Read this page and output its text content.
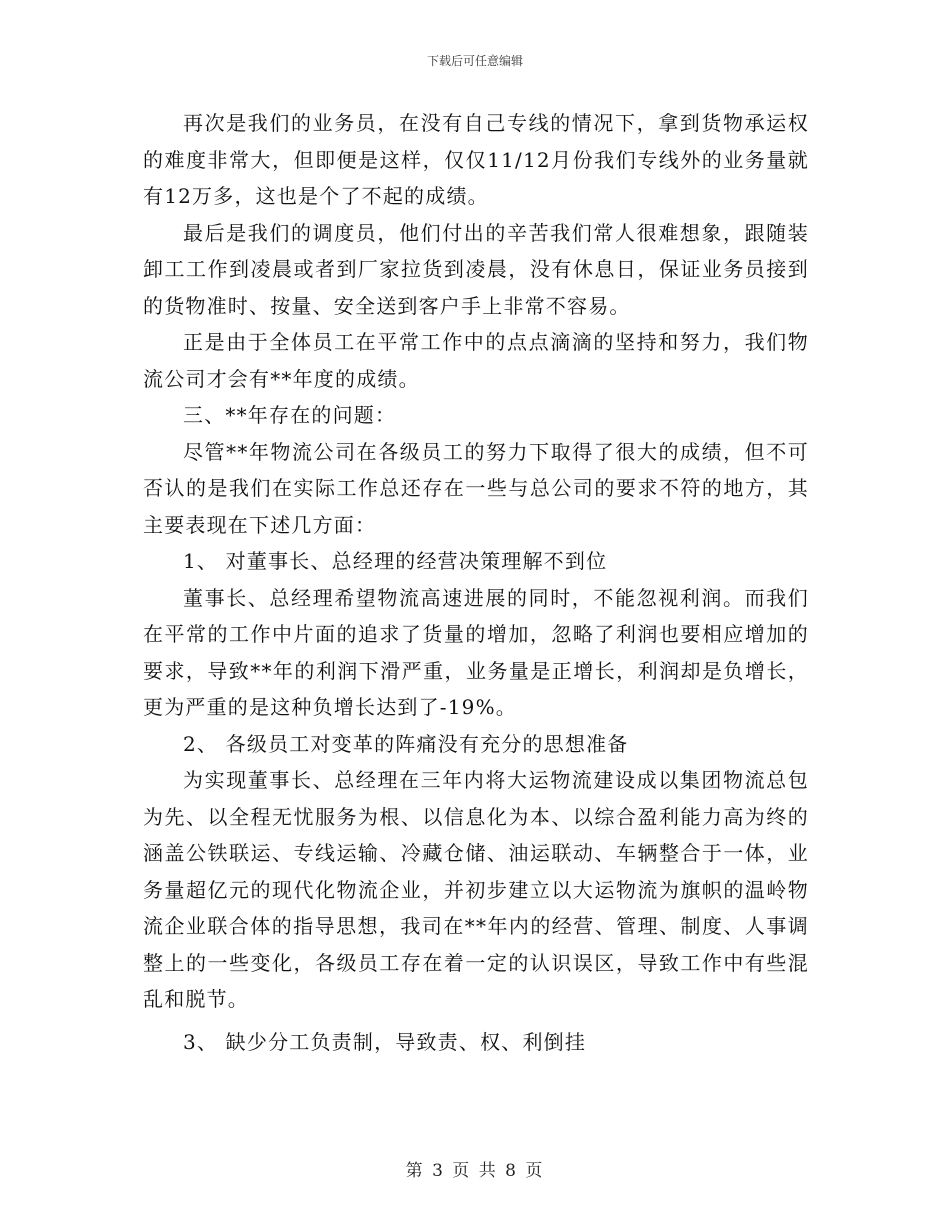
下载后可任意编辑

再次是我们的业务员，在没有自己专线的情况下，拿到货物承运权的难度非常大，但即便是这样，仅仅11/12月份我们专线外的业务量就有12万多，这也是个了不起的成绩。

最后是我们的调度员，他们付出的辛苦我们常人很难想象，跟随装卸工工作到凌晨或者到厂家拉货到凌晨，没有休息日，保证业务员接到的货物准时、按量、安全送到客户手上非常不容易。

正是由于全体员工在平常工作中的点点滴滴的坚持和努力，我们物流公司才会有**年度的成绩。

三、**年存在的问题：

尽管**年物流公司在各级员工的努力下取得了很大的成绩，但不可否认的是我们在实际工作总还存在一些与总公司的要求不符的地方，其主要表现在下述几方面：

1、 对董事长、总经理的经营决策理解不到位

董事长、总经理希望物流高速进展的同时，不能忽视利润。而我们在平常的工作中片面的追求了货量的增加，忽略了利润也要相应增加的要求，导致**年的利润下滑严重，业务量是正增长，利润却是负增长，更为严重的是这种负增长达到了-19%。

2、 各级员工对变革的阵痛没有充分的思想准备

为实现董事长、总经理在三年内将大运物流建设成以集团物流总包为先、以全程无忧服务为根、以信息化为本、以综合盈利能力高为终的涵盖公铁联运、专线运输、冷藏仓储、油运联动、车辆整合于一体，业务量超亿元的现代化物流企业，并初步建立以大运物流为旗帜的温岭物流企业联合体的指导思想，我司在**年内的经营、管理、制度、人事调整上的一些变化，各级员工存在着一定的认识误区，导致工作中有些混乱和脱节。

3、 缺少分工负责制，导致责、权、利倒挂

第 3 页 共 8 页
